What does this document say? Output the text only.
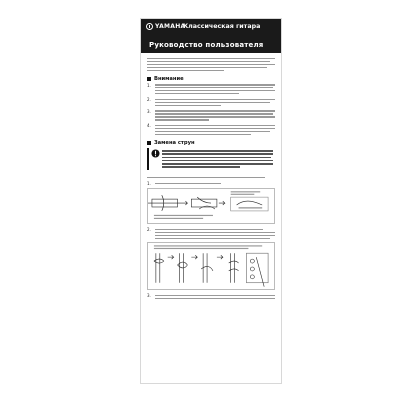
YAMAHA
Классическая гитара
Руководство пользователя
Внимание
1.
2.
3.
4.
Замена струн
1.
2.
3.
